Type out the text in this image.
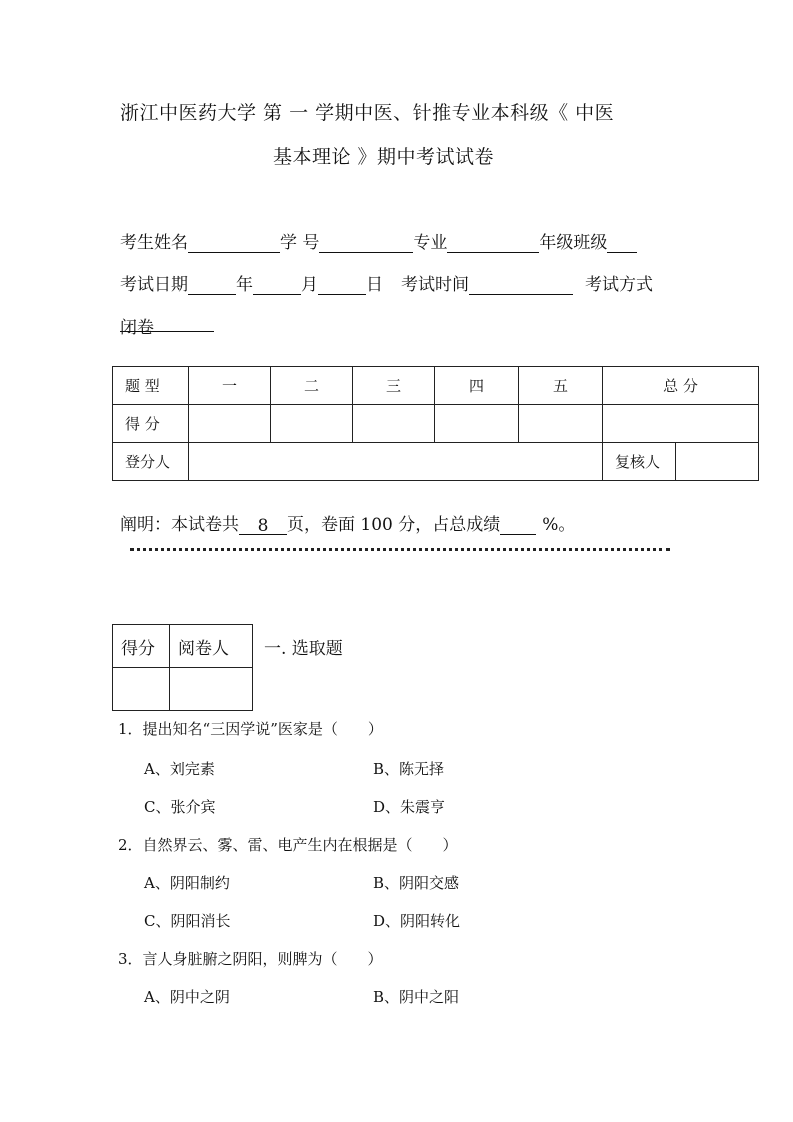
浙江中医药大学 第 一 学期中医、针推专业本科级《 中医
基本理论 》期中考试试卷
考生姓名	学 号	专业	年级班级
考试日期	年	月	日 考试时间	考试方式
闭卷
题 型	一	二	三	四	五	总 分	
得 分							
登分人						复核人	
阐明：本试卷共 8 页，卷面 100 分，占总成绩 %。
得分	阅卷人
	一. 选取题
1．提出知名“三因学说”医家是（　　）
A、刘完素	B、陈无择
C、张介宾	D、朱震亨
2．自然界云、雾、雷、电产生内在根据是（　　）
A、阴阳制约	B、阴阳交感
C、阴阳消长	D、阴阳转化
3．言人身脏腑之阴阳，则脾为（　　）
A、阴中之阴	B、阴中之阳
